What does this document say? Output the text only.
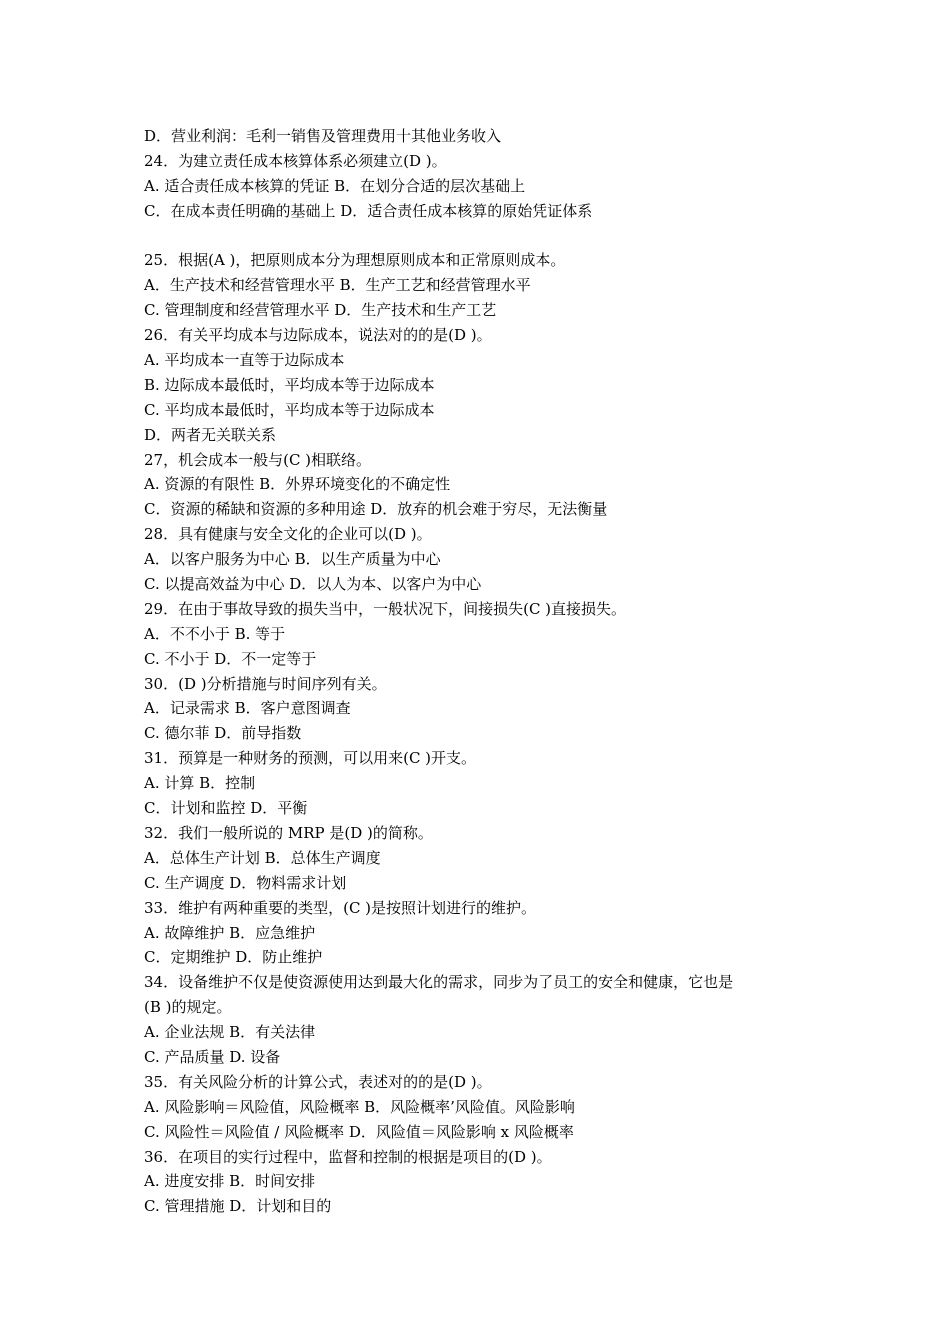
D．营业利润：毛利一销售及管理费用十其他业务收入
24．为建立责任成本核算体系必须建立(D )。
A. 适合责任成本核算的凭证 B．在划分合适的层次基础上
C．在成本责任明确的基础上 D．适合责任成本核算的原始凭证体系
25．根据(A )，把原则成本分为理想原则成本和正常原则成本。
A．生产技术和经营管理水平 B．生产工艺和经营管理水平
C. 管理制度和经营管理水平 D．生产技术和生产工艺
26．有关平均成本与边际成本，说法对的的是(D )。
A. 平均成本一直等于边际成本
B. 边际成本最低时，平均成本等于边际成本
C. 平均成本最低时，平均成本等于边际成本
D．两者无关联关系
27，机会成本一般与(C )相联络。
A. 资源的有限性 B．外界环境变化的不确定性
C．资源的稀缺和资源的多种用途 D．放弃的机会难于穷尽，无法衡量
28．具有健康与安全文化的企业可以(D )。
A．以客户服务为中心 B．以生产质量为中心
C. 以提高效益为中心 D．以人为本、以客户为中心
29．在由于事故导致的损失当中，一般状况下，间接损失(C )直接损失。
A．不不小于 B. 等于
C. 不小于 D．不一定等于
30．(D )分析措施与时间序列有关。
A．记录需求 B．客户意图调查
C. 德尔菲 D．前导指数
31．预算是一种财务的预测，可以用来(C )开支。
A. 计算 B．控制
C．计划和监控 D．平衡
32．我们一般所说的 MRP 是(D )的简称。
A．总体生产计划 B．总体生产调度
C. 生产调度 D．物料需求计划
33．维护有两种重要的类型，(C )是按照计划进行的维护。
A. 故障维护 B．应急维护
C．定期维护 D．防止维护
34．设备维护不仅是使资源使用达到最大化的需求，同步为了员工的安全和健康，它也是
(B )的规定。
A. 企业法规 B．有关法律
C. 产品质量 D. 设备
35．有关风险分析的计算公式，表述对的的是(D )。
A. 风险影响＝风险值，风险概率 B．风险概率’风险值。风险影响
C. 风险性＝风险值 / 风险概率 D．风险值＝风险影响 x 风险概率
36．在项目的实行过程中，监督和控制的根据是项目的(D )。
A. 进度安排 B．时间安排
C. 管理措施 D．计划和目的
